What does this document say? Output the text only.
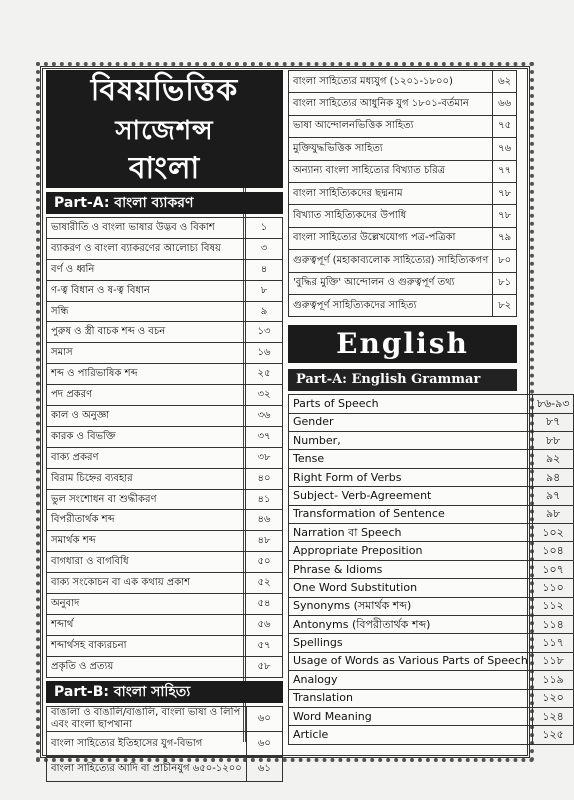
বিষয়ভিত্তিক
সাজেশন্স
বাংলা
Part-A: বাংলা ব্যাকরণ
ভাষারীতি ও বাংলা ভাষার উদ্ভব ও বিকাশ	১
ব্যাকরণ ও বাংলা ব্যাকরণের আলোচ্য বিষয়	৩
বর্ণ ও ধ্বনি	৪
ণ-ত্ব বিধান ও ষ-ত্ব বিধান	৮
সন্ধি	৯
পুরুষ ও স্ত্রী বাচক শব্দ ও বচন	১৩
সমাস	১৬
শব্দ ও পারিভাষিক শব্দ	২৫
পদ প্রকরণ	৩২
কাল ও অনুজ্ঞা	৩৬
কারক ও বিভক্তি	৩৭
বাক্য প্রকরণ	৩৮
বিরাম চিহ্নের ব্যবহার	৪০
ভুল সংশোধন বা শুদ্ধীকরণ	৪১
বিপরীতার্থক শব্দ	৪৬
সমার্থক শব্দ	৪৮
বাগধারা ও বাগবিধি	৫০
বাক্য সংকোচন বা এক কথায় প্রকাশ	৫২
অনুবাদ	৫৪
শব্দার্থ	৫৬
শব্দার্থসহ বাক্যরচনা	৫৭
প্রকৃতি ও প্রত্যয়	৫৮
Part-B: বাংলা সাহিত্য
বাঙালা ও বাঙালি/বাঙালি, বাংলা ভাষা ও লিপি এবং বাংলা ছাপখানা	৬০
বাংলা সাহিত্যের ইতিহাসের যুগ-বিভাগ	৬০
বাংলা সাহিত্যের আদি বা প্রাচীনযুগ ৬৫০-১২০০	৬১
বাংলা সাহিত্যের মধ্যযুগ (১২০১-১৮০০)	৬২
বাংলা সাহিত্যের আধুনিক যুগ ১৮০১-বর্তমান	৬৬
ভাষা আন্দোলনভিত্তিক সাহিত্য	৭৫
মুক্তিযুদ্ধভিত্তিক সাহিত্য	৭৬
অন্যান্য বাংলা সাহিত্যের বিখ্যাত চরিত্র	৭৭
বাংলা সাহিত্যিকদের ছদ্মনাম	৭৮
বিখ্যাত সাহিত্যিকদের উপাধি	৭৮
বাংলা সাহিত্যের উল্লেখযোগ্য পত্র-পত্রিকা	৭৯
গুরুত্বপূর্ণ (মহাকাব্যলোক সাহিত্যের) সাহিত্যিকগণ	৮০
'বুদ্ধির মুক্তি' আন্দোলন ও গুরুত্বপূর্ণ তথ্য	৮১
গুরুত্বপূর্ণ সাহিত্যিকদের সাহিত্য	৮২
English
Part-A: English Grammar
Parts of Speech	৮৬-৯৩
Gender	৮৭
Number,	৮৮
Tense	৯২
Right Form of Verbs	৯৪
Subject- Verb-Agreement	৯৭
Transformation of Sentence	৯৮
Narration বা Speech	১০২
Appropriate Preposition	১০৪
Phrase & Idioms	১০৭
One Word Substitution	১১০
Synonyms (সমার্থক শব্দ)	১১২
Antonyms (বিপরীতার্থক শব্দ)	১১৪
Spellings	১১৭
Usage of Words as Various Parts of Speech	১১৮
Analogy	১১৯
Translation	১২০
Word Meaning	১২৪
Article	১২৫
